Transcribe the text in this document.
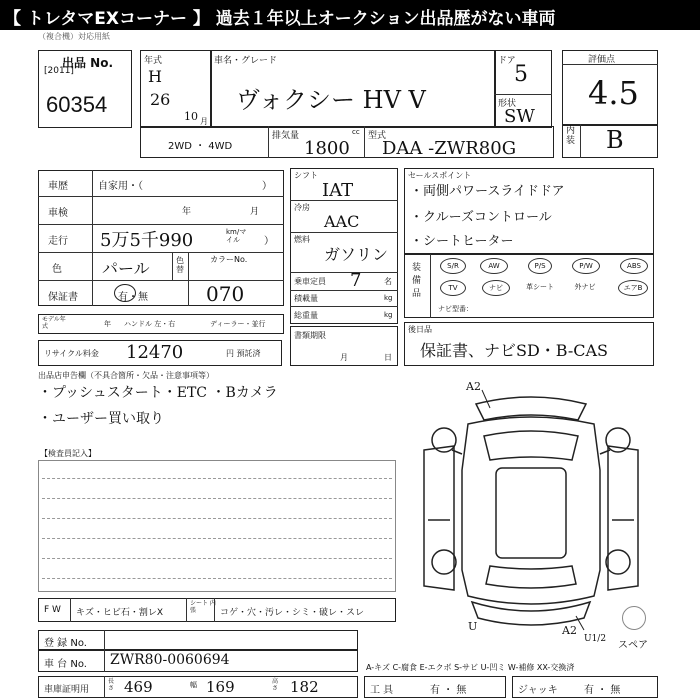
【 トレタマEXコーナー 】 過去１年以上オークション出品歴がない車両
（複合機）対応用紙
出品 No.
[2011]
60354
年式
H
26
10 月
車名・グレード
ヴォクシー HV V
ドア
5
形状
SW
評価点
4.5
内装 B
2WD ・ 4WD
排気量	cc
1800
型式
DAA -ZWR80G
車歴	自家用・（	）
車検	年	月
走行 5万5千990	km/マイル	）
色	パール	色替
カラーNo.
070
保証書	有・無
モデル年式	年 ハンドル 左・右	ディーラー・並行
シフト
IAT
冷房
AAC
燃料
ガソリン
乗車定員 7	名
積載量	kg
総重量	kg
書類期限
月	日
セールスポイント
・両側パワースライドドア
・クルーズコントロール
・シートヒーター
装備品
S/R	AW	P/S	P/W	ABS
TV	ナビ	革シート	外ナビ	エアB
ナビ型番：
リサイクル料金 12470	円 預託済
後日品
保証書、ナビSD・B-CAS
出品店申告欄（不具合箇所・欠品・注意事項等）
・プッシュスタート・ETC ・Bカメラ
・ユーザー買い取り
【検査員記入】
A2
U	A2
U1/2
スペア
F W キズ・ヒビ石・割レX
シート 内 張	コゲ・穴・汚レ・シミ・破レ・スレ
登 録 No.
車 台 No. ZWR80-0060694	A-キズ C-腐食 E-エクボ S-サビ U-凹ミ W-補修 XX-交換済
車庫証明用
長さ 469	幅 169	高さ 182	工 具	有 ・ 無	ジャッキ	有 ・ 無
